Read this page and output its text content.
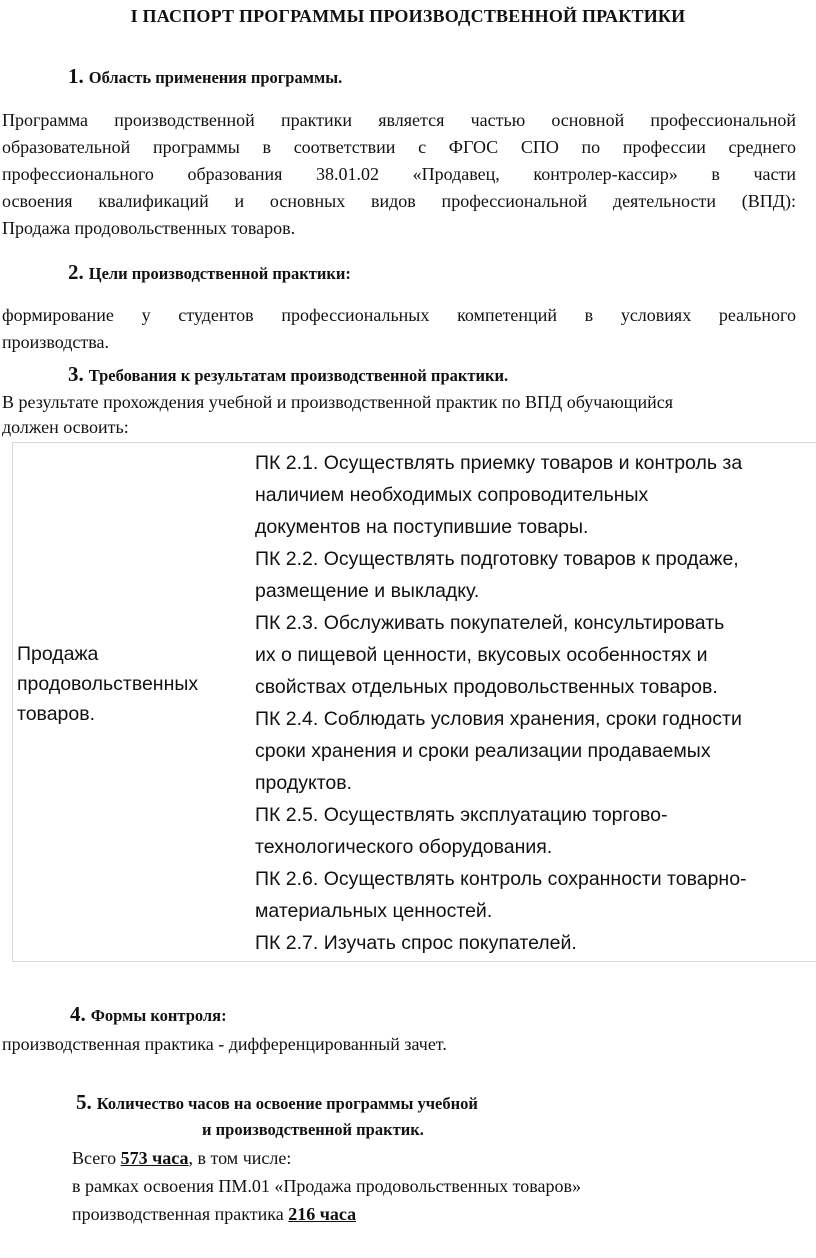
I ПАСПОРТ ПРОГРАММЫ ПРОИЗВОДСТВЕННОЙ ПРАКТИКИ
1. Область применения программы.
Программа производственной практики является частью основной профессиональной
образовательной программы в соответствии с ФГОС СПО по профессии среднего
профессионального образования 38.01.02 «Продавец, контролер-кассир» в части
освоения квалификаций и основных видов профессиональной деятельности (ВПД):
Продажа продовольственных товаров.
2. Цели производственной практики:
формирование у студентов профессиональных компетенций в условиях реального
производства.
3. Требования к результатам производственной практики.
В результате прохождения учебной и производственной практик по ВПД обучающийся
должен освоить:
Продажа
продовольственных
товаров.
ПК 2.1. Осуществлять приемку товаров и контроль за
наличием необходимых сопроводительных
документов на поступившие товары.
ПК 2.2. Осуществлять подготовку товаров к продаже,
размещение и выкладку.
ПК 2.3. Обслуживать покупателей, консультировать
их о пищевой ценности, вкусовых особенностях и
свойствах отдельных продовольственных товаров.
ПК 2.4. Соблюдать условия хранения, сроки годности
сроки хранения и сроки реализации продаваемых
продуктов.
ПК 2.5. Осуществлять эксплуатацию торгово-
технологического оборудования.
ПК 2.6. Осуществлять контроль сохранности товарно-
материальных ценностей.
ПК 2.7. Изучать спрос покупателей.
4. Формы контроля:
производственная практика - дифференцированный зачет.
5. Количество часов на освоение программы учебной
и производственной практик.
Всего 573 часа, в том числе:
в рамках освоения ПМ.01 «Продажа продовольственных товаров»
производственная практика 216 часа
